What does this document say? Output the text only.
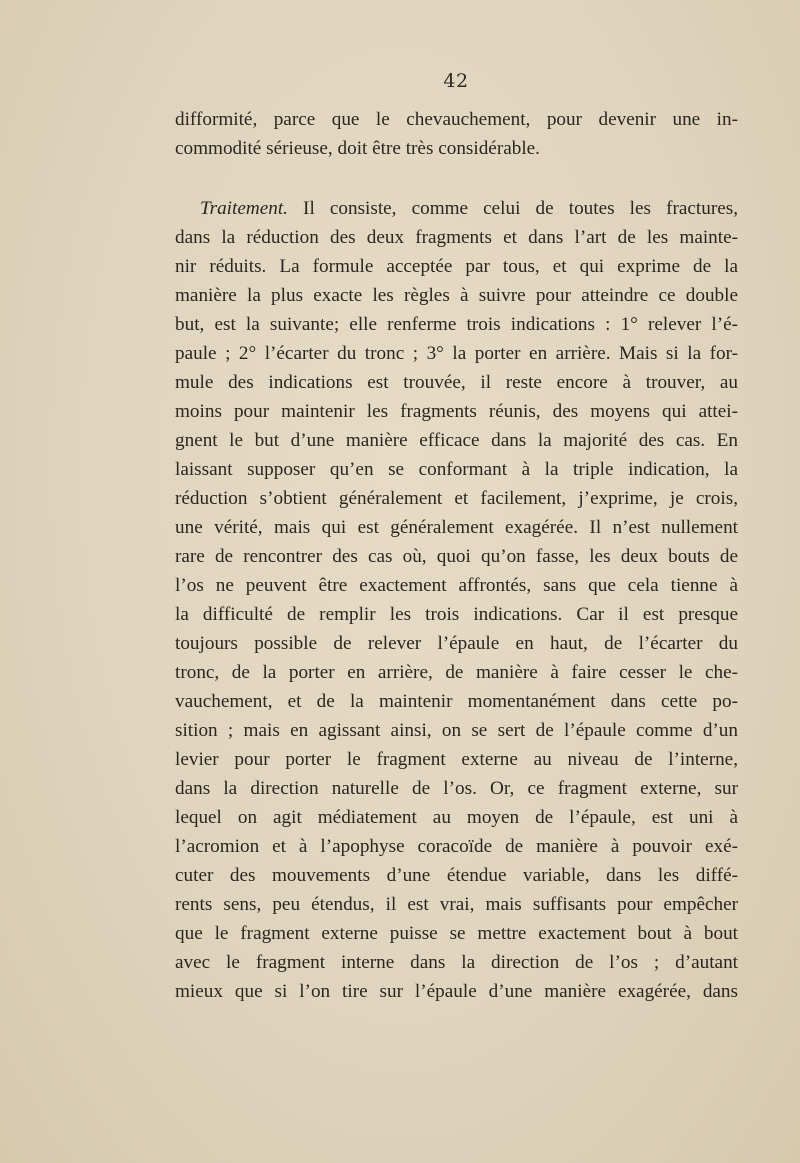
42
difformité, parce que le chevauchement, pour devenir une in-
commodité sérieuse, doit être très considérable.
Traitement. Il consiste, comme celui de toutes les fractures,
dans la réduction des deux fragments et dans l’art de les mainte-
nir réduits. La formule acceptée par tous, et qui exprime de la
manière la plus exacte les règles à suivre pour atteindre ce double
but, est la suivante; elle renferme trois indications : 1° relever l’é-
paule ; 2° l’écarter du tronc ; 3° la porter en arrière. Mais si la for-
mule des indications est trouvée, il reste encore à trouver, au
moins pour maintenir les fragments réunis, des moyens qui attei-
gnent le but d’une manière efficace dans la majorité des cas. En
laissant supposer qu’en se conformant à la triple indication, la
réduction s’obtient généralement et facilement, j’exprime, je crois,
une vérité, mais qui est généralement exagérée. Il n’est nullement
rare de rencontrer des cas où, quoi qu’on fasse, les deux bouts de
l’os ne peuvent être exactement affrontés, sans que cela tienne à
la difficulté de remplir les trois indications. Car il est presque
toujours possible de relever l’épaule en haut, de l’écarter du
tronc, de la porter en arrière, de manière à faire cesser le che-
vauchement, et de la maintenir momentanément dans cette po-
sition ; mais en agissant ainsi, on se sert de l’épaule comme d’un
levier pour porter le fragment externe au niveau de l’interne,
dans la direction naturelle de l’os. Or, ce fragment externe, sur
lequel on agit médiatement au moyen de l’épaule, est uni à
l’acromion et à l’apophyse coracoïde de manière à pouvoir exé-
cuter des mouvements d’une étendue variable, dans les diffé-
rents sens, peu étendus, il est vrai, mais suffisants pour empêcher
que le fragment externe puisse se mettre exactement bout à bout
avec le fragment interne dans la direction de l’os ; d’autant
mieux que si l’on tire sur l’épaule d’une manière exagérée, dans
